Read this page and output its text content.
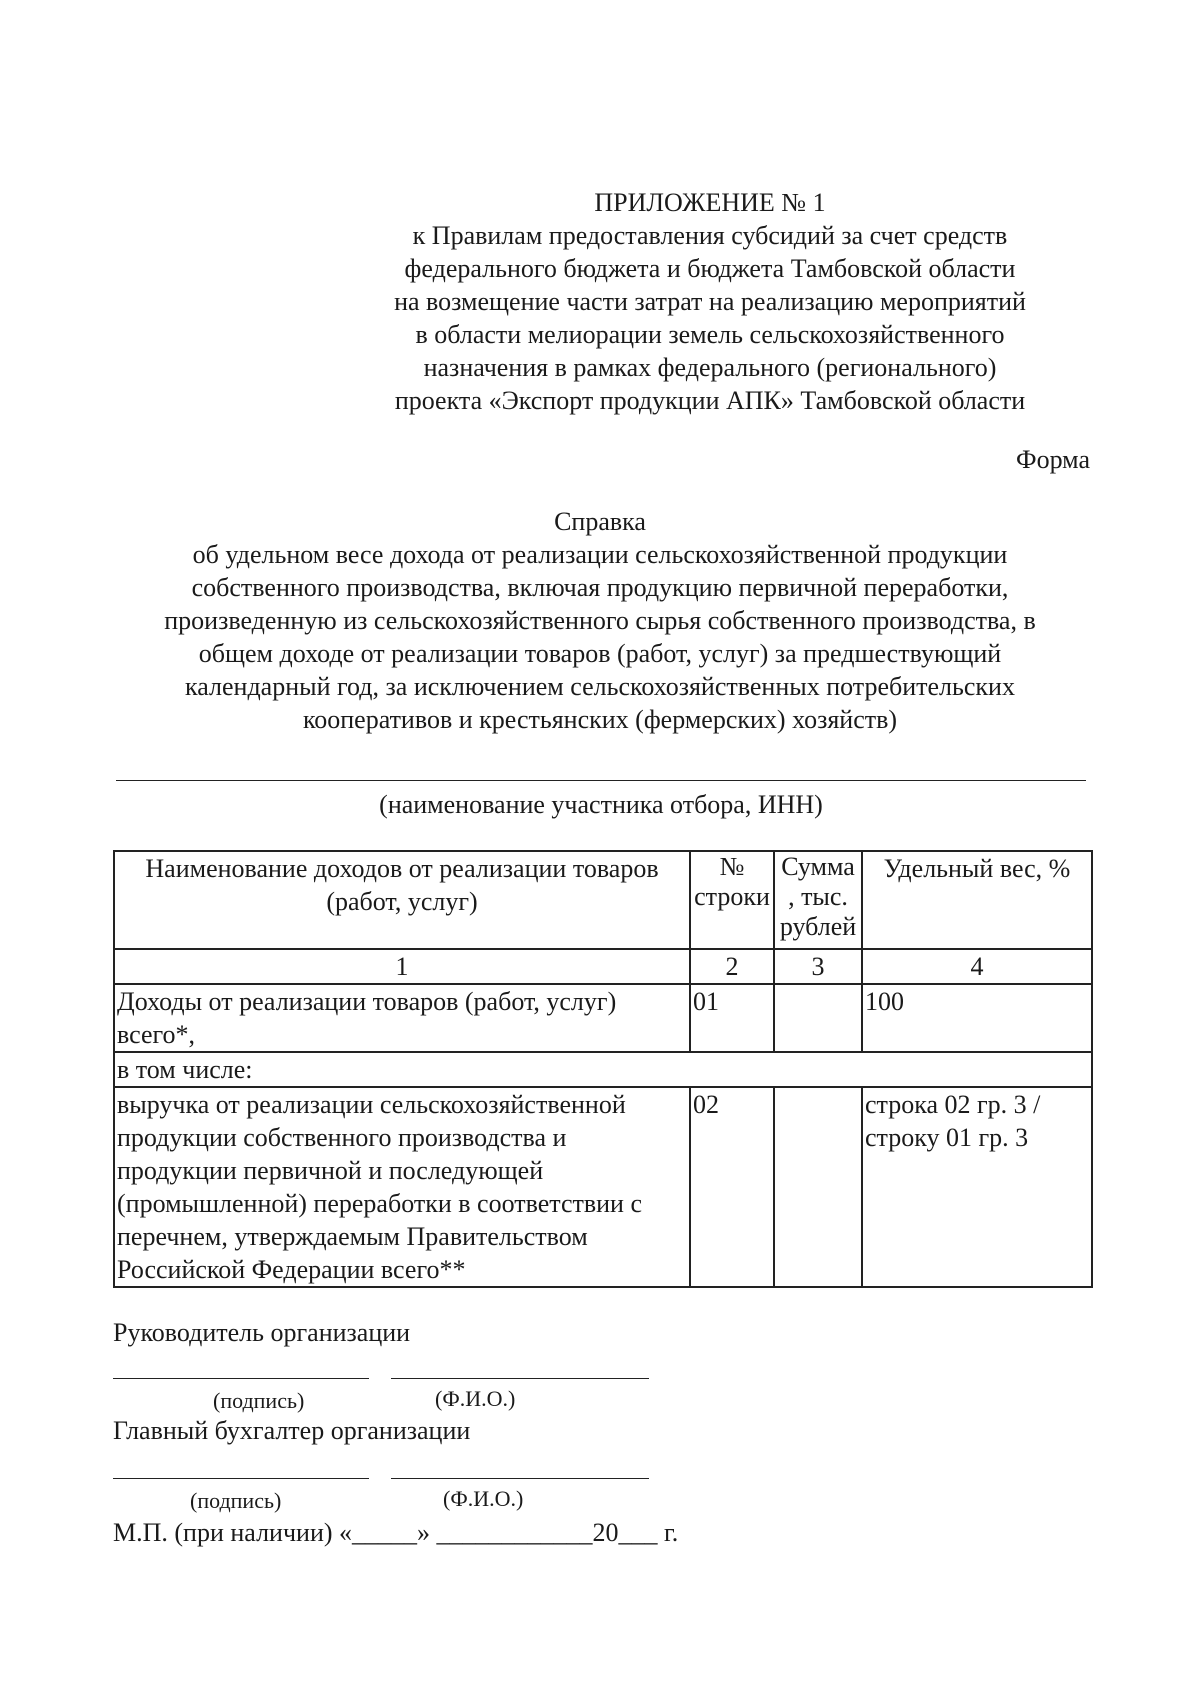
ПРИЛОЖЕНИЕ № 1
к Правилам предоставления субсидий за счет средств
федерального бюджета и бюджета Тамбовской области
на возмещение части затрат на реализацию мероприятий
в области мелиорации земель сельскохозяйственного
назначения в рамках федерального (регионального)
проекта «Экспорт продукции АПК» Тамбовской области
Форма
Справка
об удельном весе дохода от реализации сельскохозяйственной продукции
собственного производства, включая продукцию первичной переработки,
произведенную из сельскохозяйственного сырья собственного производства, в
общем доходе от реализации товаров (работ, услуг) за предшествующий
календарный год, за исключением сельскохозяйственных потребительских
кооперативов и крестьянских (фермерских) хозяйств)
(наименование участника отбора, ИНН)
Наименование доходов от реализации товаров (работ, услуг)	№ строки	Сумма , тыс. рублей	Удельный вес, %
1	2	3	4
Доходы от реализации товаров (работ, услуг) всего*,	01		100
в том числе:			
выручка от реализации сельскохозяйственной продукции собственного производства и продукции первичной и последующей (промышленной) переработки в соответствии с перечнем, утверждаемым Правительством Российской Федерации всего**	02		строка 02 гр. 3 / строку 01 гр. 3
Руководитель организации
(подпись)	(Ф.И.О.)
Главный бухгалтер организации
(подпись)	(Ф.И.О.)
М.П. (при наличии) «_____» ____________20___ г.
